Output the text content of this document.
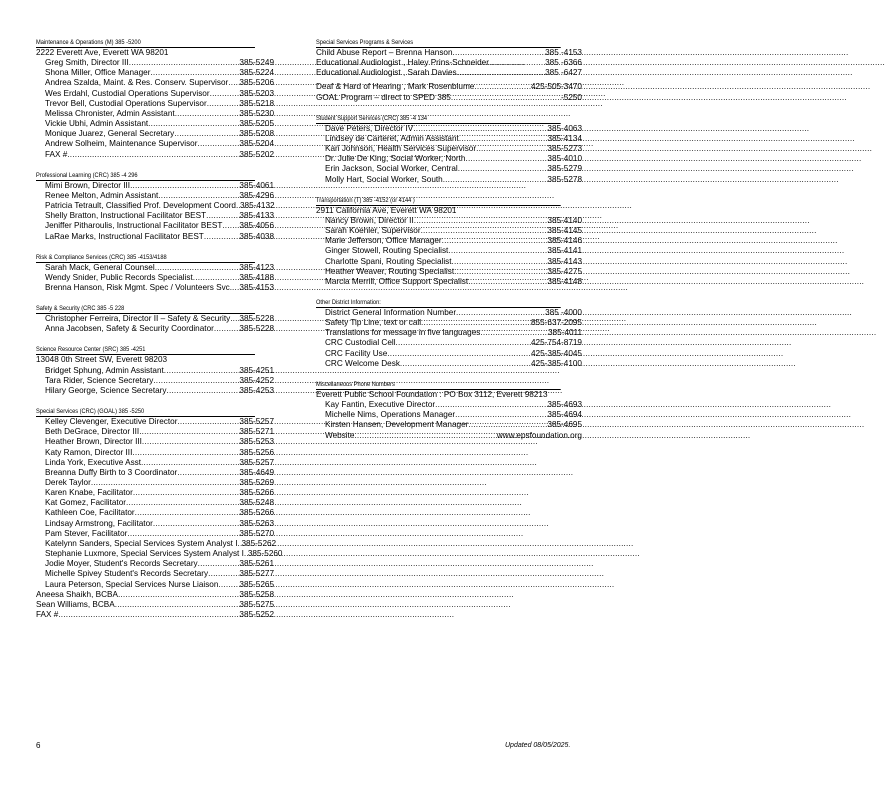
Maintenance & Operations (M) 385 -5200
2222 Everett Ave, Everett WA 98201
Greg Smith, Director III .....	385-5249
Shona Miller, Office Manager .....	385-5224
Andrea Szalda, Maint. & Res. Conserv. Supervisor ..... 385-5206
Wes Erdahl, Custodial Operations Supervisor .....	385-5203
Trevor Bell, Custodial Operations Supervisor .....	385-5218
Melissa Chronister, Admin Assistant .....	385-5230
Vickie Ubhi, Admin Assistant .....	385-5205
Monique Juarez, General Secretary .....	385-5208
Andrew Solheim, Maintenance Supervisor .....	385-5204
FAX # .....	385-5202
Professional Learning (CRC) 385 -4 296
Mimi Brown, Director III .....	385-4061
Renee Melton, Admin Assistant .....	385-4296
Patricia Tetrault, Classified Prof. Development Coord ..... 385-4132
Shelly Bratton, Instructional Facilitator BEST .....	385-4133
Jeniffer Pitharoulis, Instructional Facilitator BEST ..... 385-4056
LaRae Marks, Instructional Facilitator BEST .....	385-4038
Risk & Compliance Services (CRC) 385 -4153/4188
Sarah Mack, General Counsel .....	385-4123
Wendy Snider, Public Records Specialist .....	385-4188
Brenna Hanson, Risk Mgmt. Spec / Volunteers Svc. ..... 385-4153
Safety & Security (CRC 385 -5 228
Christopher Ferreira, Director II – Safety & Security ..... 385-5228
Anna Jacobsen, Safety & Security Coordinator .....	385-5228
Science Resource Center (SRC) 385 -4251
13048 0th Street SW, Everett 98203
Bridget Sphung, Admin Assistant .....	385-4251
Tara Rider, Science Secretary .....	385-4252
Hilary George, Science Secretary .....	385-4253
Special Services (CRC) (GOAL) 385 -5250
Kelley Clevenger, Executive Director .....	385-5257
Beth DeGrace, Director III .....	385-5271
Heather Brown, Director III .....	385-5253
Katy Ramon, Director III .....	385-5256
Linda York, Executive Asst .....	385-5257
Breanna Duffy Birth to 3 Coordinator .....	385-4649
Derek Taylor .....	385-5269
Karen Knabe, Facilitator .....	385-5266
Kat Gomez, Facilitator .....	385-5248
Kathleen Coe, Facilitator .....	385-5266
Lindsay Armstrong, Facilitator .....	385-5263
Pam Stever, Facilitator .....	385-5270
Katelynn Sanders, Special Services System Analyst I ..... 385-5262
Stephanie Luxmore, Special Services System Analyst I ..... 385-5260
Jodie Moyer, Student's Records Secretary .....	385-5261
Michelle Spivey Student's Records Secretary .....	385-5277
Laura Peterson, Special Services Nurse Liaison .....	385-5265
Aneesa Shaikh, BCBA .....	385-5258
Sean Williams, BCBA .....	385-5275
FAX # .....	385-5252
Special Services Programs & Services
Child Abuse Report – Brenna Hanson .....	385 -4153
Educational Audiologist , Haley Prins-Schneider .....	385 -6366
Educational Audiologist , Sarah Davies .....	385 -6427
Deaf & Hard of Hearing , Mark Rosenblume .....	425-505-3470
GOAL Program – direct to SPED 385 .....	-5250
Student Support Services (CRC) 385 -4 134
Dave Peters, Director IV .....	385-4063
Lindsey de Carteret, Admin Assistant .....	385-4134
Kari Johnson, Health Services Supervisor .....	385-5273
Dr. Julie De King, Social Worker, North .....	385-4010
Erin Jackson, Social Worker, Central .....	385-5279
Molly Hart, Social Worker, South .....	385-5278
Transportation (T) 385 -4152 (or 4144 )
2911 California Ave, Everett WA 98201
Nancy Brown, Director II .....	385-4140
Sarah Koehler, Supervisor .....	385-4145
Marie Jefferson, Office Manager .....	385-4146
Ginger Stowell, Routing Specialist .....	385-4141
Charlotte Spani, Routing Specialist .....	385-4143
Heather Weaver, Routing Specialist .....	385-4275
Marcia Merrill, Office Support Specialist .....	385-4148
Other District Information:
District General Information Number .....	385 -4000
Safety Tip Line, text or call .....	855-637-2095
Translations for message in five languages .....	385-4011
CRC Custodial Cell .....	425-754-8719
CRC Facility Use .....	425-385-4045
CRC Welcome Desk .....	425-385-4100
Miscellaneous Phone Numbers
Everett Public School Foundation : PO Box 3112, Everett 98213
Kay Fantin, Executive Director .....	385-4693
Michelle Nims, Operations Manager .....	385-4694
Kirsten Hansen, Development Manager .....	385-4695
Website .....	www.epsfoundation.org
6	Updated 08/05/2025.
